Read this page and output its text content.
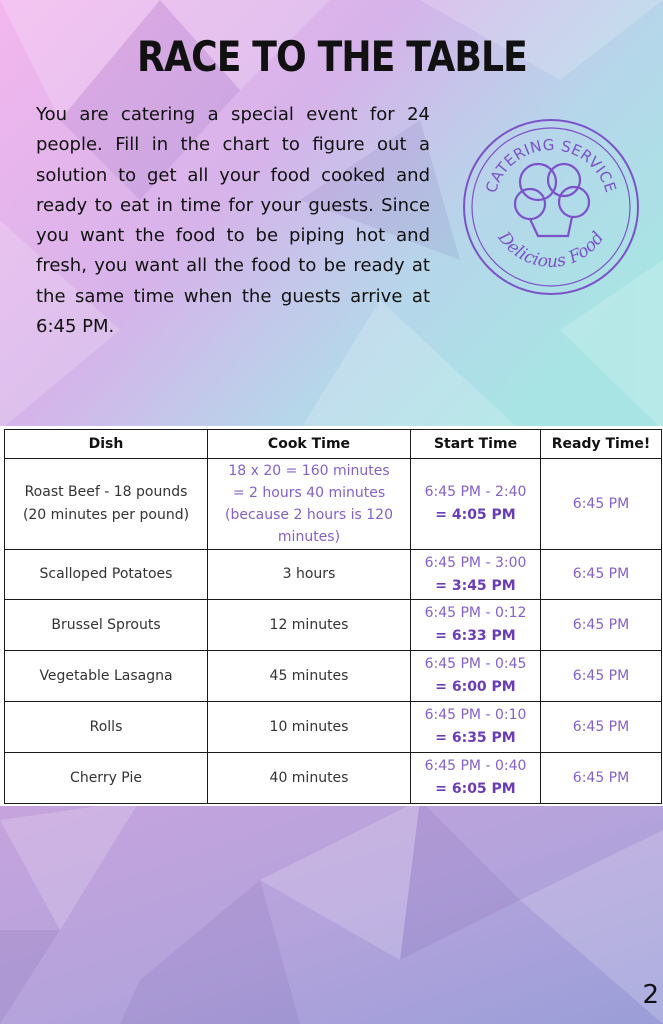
RACE TO THE TABLE
You are catering a special event for 24 people. Fill in the chart to figure out a solution to get all your food cooked and ready to eat in time for your guests. Since you want the food to be piping hot and fresh, you want all the food to be ready at the same time when the guests arrive at 6:45 PM.
CATERING SERVICE
Delicious Food
Dish	Cook Time	Start Time	Ready Time!

Roast Beef - 18 pounds
(20 minutes per pound)	18 x 20 = 160 minutes
= 2 hours 40 minutes
(because 2 hours is 120
minutes)	6:45 PM - 2:40
= 4:05 PM	6:45 PM
Scalloped Potatoes	3 hours	6:45 PM - 3:00
= 3:45 PM	6:45 PM
Brussel Sprouts	12 minutes	6:45 PM - 0:12
= 6:33 PM	6:45 PM
Vegetable Lasagna	45 minutes	6:45 PM - 0:45
= 6:00 PM	6:45 PM
Rolls	10 minutes	6:45 PM - 0:10
= 6:35 PM	6:45 PM
Cherry Pie	40 minutes	6:45 PM - 0:40
= 6:05 PM	6:45 PM
2
